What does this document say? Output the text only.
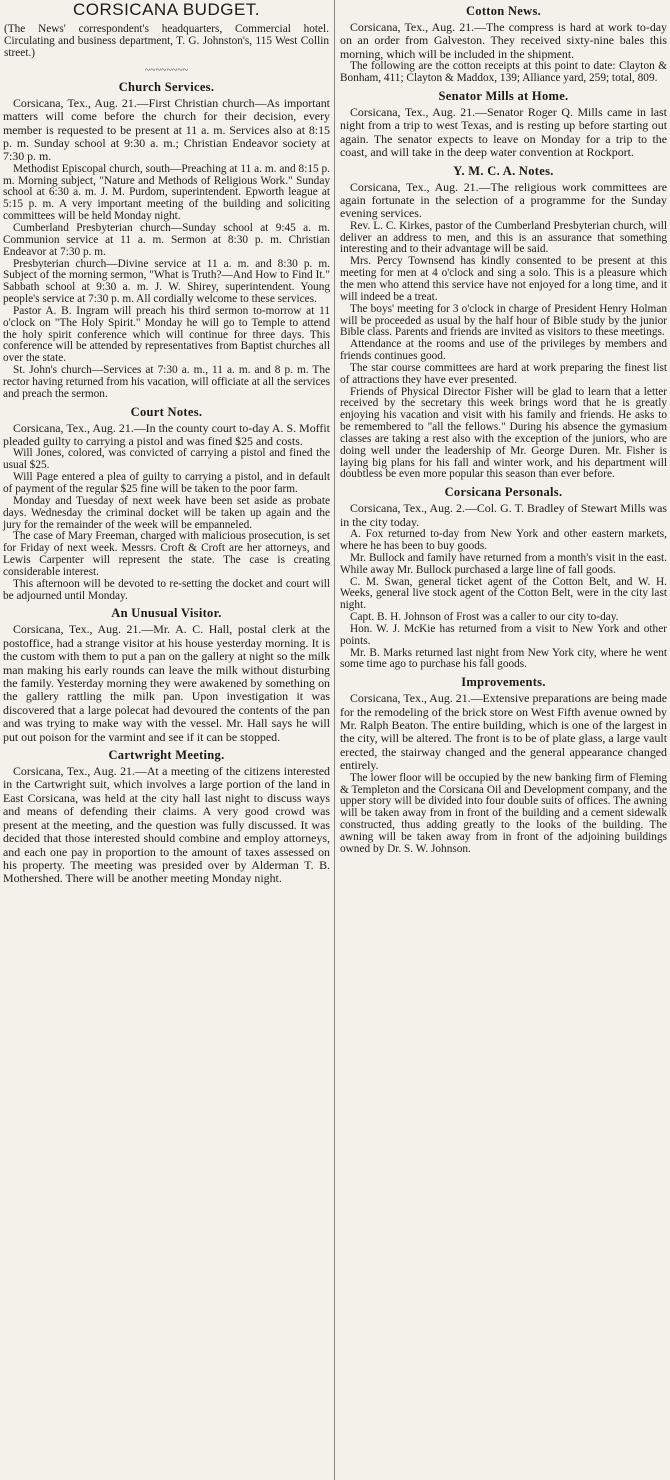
CORSICANA BUDGET.
(The News' correspondent's headquarters, Commercial hotel. Circulating and business department, T. G. Johnston's, 115 West Collin street.)
~~~~~~~~
Church Services.
Corsicana, Tex., Aug. 21.—First Christian church—As important matters will come before the church for their decision, every member is requested to be present at 11 a. m. Services also at 8:15 p. m. Sunday school at 9:30 a. m.; Christian Endeavor society at 7:30 p. m.
Methodist Episcopal church, south—Preaching at 11 a. m. and 8:15 p. m. Morning subject, "Nature and Methods of Religious Work." Sunday school at 6:30 a. m. J. M. Purdom, superintendent. Epworth league at 5:15 p. m. A very important meeting of the building and soliciting committees will be held Monday night.
Cumberland Presbyterian church—Sunday school at 9:45 a. m. Communion service at 11 a. m. Sermon at 8:30 p. m. Christian Endeavor at 7:30 p. m.
Presbyterian church—Divine service at 11 a. m. and 8:30 p. m. Subject of the morning sermon, "What is Truth?—And How to Find It." Sabbath school at 9:30 a. m. J. W. Shirey, superintendent. Young people's service at 7:30 p. m. All cordially welcome to these services.
Pastor A. B. Ingram will preach his third sermon to-morrow at 11 o'clock on "The Holy Spirit." Monday he will go to Temple to attend the holy spirit conference which will continue for three days. This conference will be attended by representatives from Baptist churches all over the state.
St. John's church—Services at 7:30 a. m., 11 a. m. and 8 p. m. The rector having returned from his vacation, will officiate at all the services and preach the sermon.
Court Notes.
Corsicana, Tex., Aug. 21.—In the county court to-day A. S. Moffit pleaded guilty to carrying a pistol and was fined $25 and costs.
Will Jones, colored, was convicted of carrying a pistol and fined the usual $25.
Will Page entered a plea of guilty to carrying a pistol, and in default of payment of the regular $25 fine will be taken to the poor farm.
Monday and Tuesday of next week have been set aside as probate days. Wednesday the criminal docket will be taken up again and the jury for the remainder of the week will be empanneled.
The case of Mary Freeman, charged with malicious prosecution, is set for Friday of next week. Messrs. Croft & Croft are her attorneys, and Lewis Carpenter will represent the state. The case is creating considerable interest.
This afternoon will be devoted to re-setting the docket and court will be adjourned until Monday.
An Unusual Visitor.
Corsicana, Tex., Aug. 21.—Mr. A. C. Hall, postal clerk at the postoffice, had a strange visitor at his house yesterday morning. It is the custom with them to put a pan on the gallery at night so the milk man making his early rounds can leave the milk without disturbing the family. Yesterday morning they were awakened by something on the gallery rattling the milk pan. Upon investigation it was discovered that a large polecat had devoured the contents of the pan and was trying to make way with the vessel. Mr. Hall says he will put out poison for the varmint and see if it can be stopped.
Cartwright Meeting.
Corsicana, Tex., Aug. 21.—At a meeting of the citizens interested in the Cartwright suit, which involves a large portion of the land in East Corsicana, was held at the city hall last night to discuss ways and means of defending their claims. A very good crowd was present at the meeting, and the question was fully discussed. It was decided that those interested should combine and employ attorneys, and each one pay in proportion to the amount of taxes assessed on his property. The meeting was presided over by Alderman T. B. Mothershed. There will be another meeting Monday night.
Cotton News.
Corsicana, Tex., Aug. 21.—The compress is hard at work to-day on an order from Galveston. They received sixty-nine bales this morning, which will be included in the shipment.
The following are the cotton receipts at this point to date: Clayton & Bonham, 411; Clayton & Maddox, 139; Alliance yard, 259; total, 809.
Senator Mills at Home.
Corsicana, Tex., Aug. 21.—Senator Roger Q. Mills came in last night from a trip to west Texas, and is resting up before starting out again. The senator expects to leave on Monday for a trip to the coast, and will take in the deep water convention at Rockport.
Y. M. C. A. Notes.
Corsicana, Tex., Aug. 21.—The religious work committees are again fortunate in the selection of a programme for the Sunday evening services.
Rev. L. C. Kirkes, pastor of the Cumberland Presbyterian church, will deliver an address to men, and this is an assurance that something interesting and to their advantage will be said.
Mrs. Percy Townsend has kindly consented to be present at this meeting for men at 4 o'clock and sing a solo. This is a pleasure which the men who attend this service have not enjoyed for a long time, and it will indeed be a treat.
The boys' meeting for 3 o'clock in charge of President Henry Holman will be proceeded as usual by the half hour of Bible study by the junior Bible class. Parents and friends are invited as visitors to these meetings.
Attendance at the rooms and use of the privileges by members and friends continues good.
The star course committees are hard at work preparing the finest list of attractions they have ever presented.
Friends of Physical Director Fisher will be glad to learn that a letter received by the secretary this week brings word that he is greatly enjoying his vacation and visit with his family and friends. He asks to be remembered to "all the fellows." During his absence the gymasium classes are taking a rest also with the exception of the juniors, who are doing well under the leadership of Mr. George Duren. Mr. Fisher is laying big plans for his fall and winter work, and his department will doubtless be even more popular this season than ever before.
Corsicana Personals.
Corsicana, Tex., Aug. 2.—Col. G. T. Bradley of Stewart Mills was in the city today.
A. Fox returned to-day from New York and other eastern markets, where he has been to buy goods.
Mr. Bullock and family have returned from a month's visit in the east. While away Mr. Bullock purchased a large line of fall goods.
C. M. Swan, general ticket agent of the Cotton Belt, and W. H. Weeks, general live stock agent of the Cotton Belt, were in the city last night.
Capt. B. H. Johnson of Frost was a caller to our city to-day.
Hon. W. J. McKie has returned from a visit to New York and other points.
Mr. B. Marks returned last night from New York city, where he went some time ago to purchase his fall goods.
Improvements.
Corsicana, Tex., Aug. 21.—Extensive preparations are being made for the remodeling of the brick store on West Fifth avenue owned by Mr. Ralph Beaton. The entire building, which is one of the largest in the city, will be altered. The front is to be of plate glass, a large vault erected, the stairway changed and the general appearance changed entirely.
The lower floor will be occupied by the new banking firm of Fleming & Templeton and the Corsicana Oil and Development company, and the upper story will be divided into four double suits of offices. The awning will be taken away from in front of the building and a cement sidewalk constructed, thus adding greatly to the looks of the building. The awning will be taken away from in front of the adjoining buildings owned by Dr. S. W. Johnson.
